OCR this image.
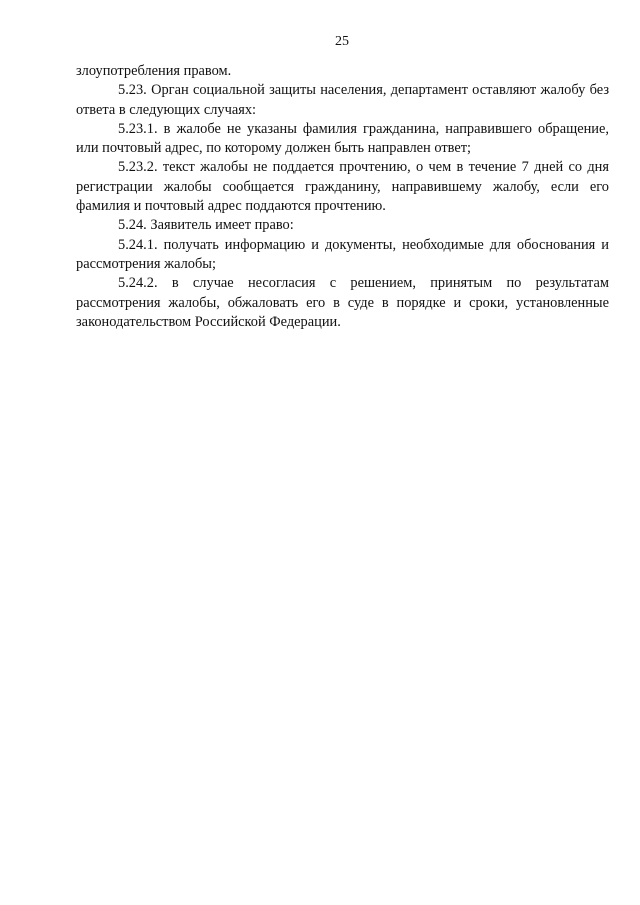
25

злоупотребления правом.

5.23. Орган социальной защиты населения, департамент оставляют жалобу без ответа в следующих случаях:

5.23.1. в жалобе не указаны фамилия гражданина, направившего обращение, или почтовый адрес, по которому должен быть направлен ответ;

5.23.2. текст жалобы не поддается прочтению, о чем в течение 7 дней со дня регистрации жалобы сообщается гражданину, направившему жалобу, если его фамилия и почтовый адрес поддаются прочтению.

5.24. Заявитель имеет право:

5.24.1. получать информацию и документы, необходимые для обоснования и рассмотрения жалобы;

5.24.2. в случае несогласия с решением, принятым по результатам рассмотрения жалобы, обжаловать его в суде в порядке и сроки, установленные законодательством Российской Федерации.
